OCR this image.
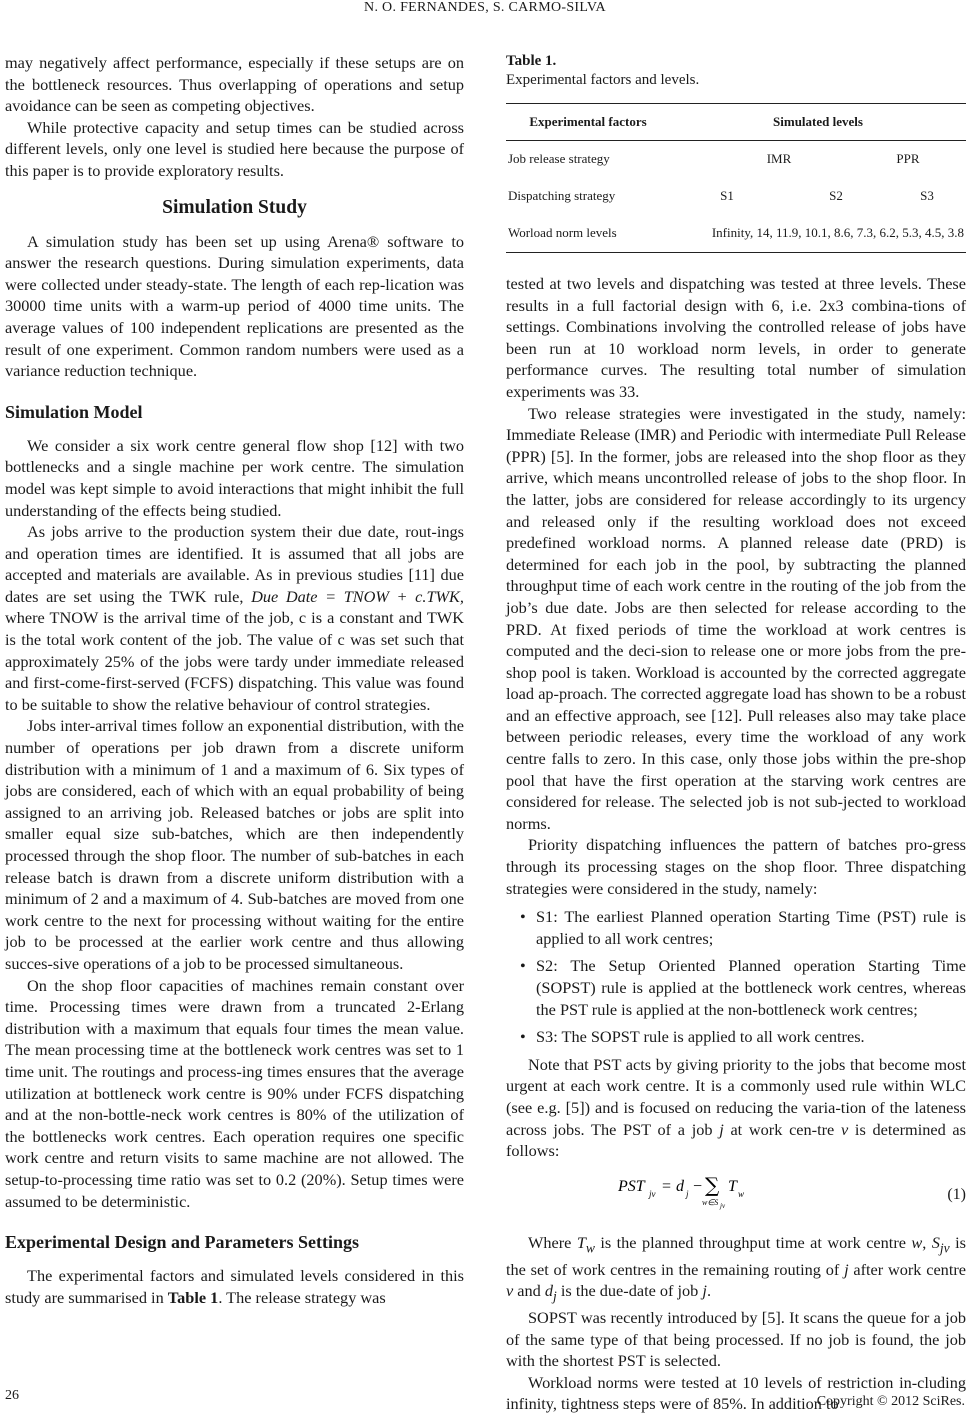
N. O. FERNANDES, S. CARMO-SILVA

may negatively affect performance, especially if these setups are on the bottleneck resources. Thus overlapping of operations and setup avoidance can be seen as competing objectives.

While protective capacity and setup times can be studied across different levels, only one level is studied here because the purpose of this paper is to provide exploratory results.

Simulation Study

A simulation study has been set up using Arena® software to answer the research questions. During simulation experiments, data were collected under steady-state. The length of each rep-lication was 30000 time units with a warm-up period of 4000 time units. The average values of 100 independent replications are presented as the result of one experiment. Common random numbers were used as a variance reduction technique.

Simulation Model

We consider a six work centre general flow shop [12] with two bottlenecks and a single machine per work centre. The simulation model was kept simple to avoid interactions that might inhibit the full understanding of the effects being studied.

As jobs arrive to the production system their due date, rout-ings and operation times are identified. It is assumed that all jobs are accepted and materials are available. As in previous studies [11] due dates are set using the TWK rule, Due Date = TNOW + c.TWK, where TNOW is the arrival time of the job, c is a constant and TWK is the total work content of the job. The value of c was set such that approximately 25% of the jobs were tardy under immediate released and first-come-first-served (FCFS) dispatching. This value was found to be suitable to show the relative behaviour of control strategies.

Jobs inter-arrival times follow an exponential distribution, with the number of operations per job drawn from a discrete uniform distribution with a minimum of 1 and a maximum of 6. Six types of jobs are considered, each of which with an equal probability of being assigned to an arriving job. Released batches or jobs are split into smaller equal size sub-batches, which are then independently processed through the shop floor. The number of sub-batches in each release batch is drawn from a discrete uniform distribution with a minimum of 2 and a maximum of 4. Sub-batches are moved from one work centre to the next for processing without waiting for the entire job to be processed at the earlier work centre and thus allowing succes-sive operations of a job to be processed simultaneous.

On the shop floor capacities of machines remain constant over time. Processing times were drawn from a truncated 2-Erlang distribution with a maximum that equals four times the mean value. The mean processing time at the bottleneck work centres was set to 1 time unit. The routings and process-ing times ensures that the average utilization at bottleneck work centre is 90% under FCFS dispatching and at the non-bottle-neck work centres is 80% of the utilization of the bottlenecks work centres. Each operation requires one specific work centre and return visits to same machine are not allowed. The setup-to-processing time ratio was set to 0.2 (20%). Setup times were assumed to be deterministic.

Experimental Design and Parameters Settings

The experimental factors and simulated levels considered in this study are summarised in Table 1. The release strategy was

Table 1.

Experimental factors and levels.

Experimental factors	Simulated levels		
Job release strategy	IMR		PPR
Dispatching strategy	S1	S2	S3
Worload norm levels	Infinity, 14, 11.9, 10.1, 8.6, 7.3, 6.2, 5.3, 4.5, 3.8		

tested at two levels and dispatching was tested at three levels. These results in a full factorial design with 6, i.e. 2x3 combina-tions of settings. Combinations involving the controlled release of jobs have been run at 10 workload norm levels, in order to generate performance curves. The resulting total number of simulation experiments was 33.

Two release strategies were investigated in the study, namely: Immediate Release (IMR) and Periodic with intermediate Pull Release (PPR) [5]. In the former, jobs are released into the shop floor as they arrive, which means uncontrolled release of jobs to the shop floor. In the latter, jobs are considered for release accordingly to its urgency and released only if the resulting workload does not exceed predefined workload norms. A planned release date (PRD) is determined for each job in the pool, by subtracting the planned throughput time of each work centre in the routing of the job from the job’s due date. Jobs are then selected for release according to the PRD. At fixed periods of time the workload at work centres is computed and the deci-sion to release one or more jobs from the pre-shop pool is taken. Workload is accounted by the corrected aggregate load ap-proach. The corrected aggregate load has shown to be a robust and an effective approach, see [12]. Pull releases also may take place between periodic releases, every time the workload of any work centre falls to zero. In this case, only those jobs within the pre-shop pool that have the first operation at the starving work centres are considered for release. The selected job is not sub-jected to workload norms.

Priority dispatching influences the pattern of batches pro-gress through its processing stages on the shop floor. Three dispatching strategies were considered in the study, namely:

• S1: The earliest Planned operation Starting Time (PST) rule is applied to all work centres;
• S2: The Setup Oriented Planned operation Starting Time (SOPST) rule is applied at the bottleneck work centres, whereas the PST rule is applied at the non-bottleneck work centres;
• S3: The SOPST rule is applied to all work centres.

Note that PST acts by giving priority to the jobs that become most urgent at each work centre. It is a commonly used rule within WLC (see e.g. [5]) and is focused on reducing the varia-tion of the lateness across jobs. The PST of a job j at work cen-tre v is determined as follows:

PST jv = d j − ∑
w∈S jv
T w	(1)

Where $T_w$ is the planned throughput time at work centre w, $S_{jv}$ is the set of work centres in the remaining routing of j after work centre v and $d_j$ is the due-date of job j.

SOPST was recently introduced by [5]. It scans the queue for a job of the same type of that being processed. If no job is found, the job with the shortest PST is selected.

Workload norms were tested at 10 levels of restriction in-cluding infinity, tightness steps were of 85%. In addition to

26	Copyright © 2012 SciRes.
